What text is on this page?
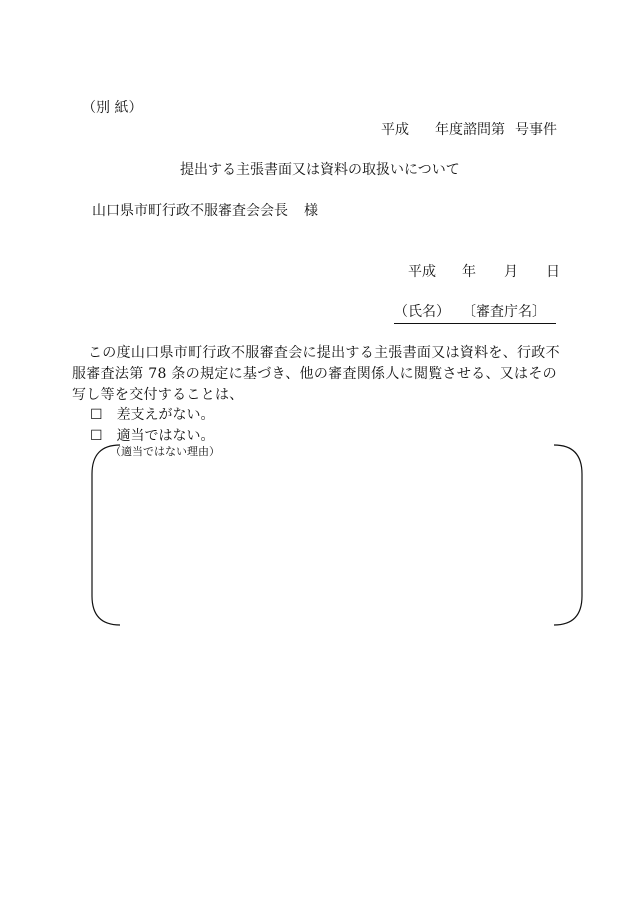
（別 紙）
平成 年度諮問第 号事件
提出する主張書面又は資料の取扱いについて
山口県市町行政不服審査会会長 様
平成 年 月 日
（氏名） 〔審査庁名〕
この度山口県市町行政不服審査会に提出する主張書面又は資料を、行政不服審査法第 78 条の規定に基づき、他の審査関係人に閲覧させる、又はその写し等を交付することは、
☐ 差支えがない。
☐ 適当ではない。
（適当ではない理由）
